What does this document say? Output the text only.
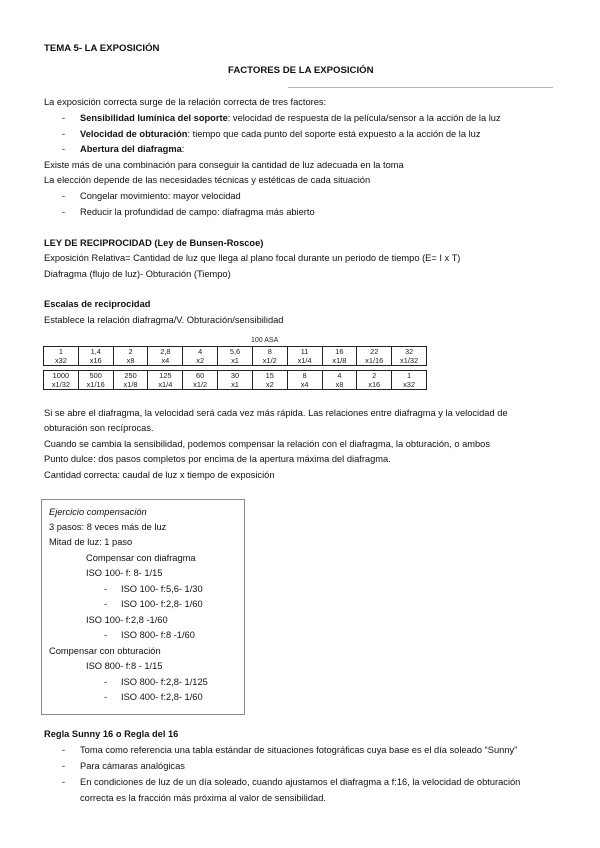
TEMA 5- LA EXPOSICIÓN
FACTORES DE LA EXPOSICIÓN
La exposición correcta surge de la relación correcta de tres factores:
- Sensibilidad lumínica del soporte: velocidad de respuesta de la película/sensor a la acción de la luz
- Velocidad de obturación: tiempo que cada punto del soporte está expuesto a la acción de la luz
- Abertura del diafragma:
Existe más de una combinación para conseguir la cantidad de luz adecuada en la toma
La elección depende de las necesidades técnicas y estéticas de cada situación
- Congelar movimiento: mayor velocidad
- Reducir la profundidad de campo: diafragma más abierto
LEY DE RECIPROCIDAD (Ley de Bunsen-Roscoe)
Exposición Relativa= Cantidad de luz que llega al plano focal durante un periodo de tiempo (E= I x T)
Diafragma (flujo de luz)- Obturación (Tiempo)
Escalas de reciprocidad
Establece la relación diafragma/V. Obturación/sensibilidad
100 ASA
1	1,4	2	2,8	4	5,6	8	11	16	22	32
x32	x16	x8	x4	x2	x1	x1/2	x1/4	x1/8	x1/16	x1/32

1000	500	250	125	60	30	15	8	4	2	1
x1/32	x1/16	x1/8	x1/4	x1/2	x1	x2	x4	x8	x16	x32
Si se abre el diafragma, la velocidad será cada vez más rápida. Las relaciones entre diafragma y la velocidad de
obturación son recíprocas.
Cuando se cambia la sensibilidad, podemos compensar la relación con el diafragma, la obturación, o ambos
Punto dulce: dos pasos completos por encima de la apertura máxima del diafragma.
Cantidad correcta: caudal de luz x tiempo de exposición
Ejercicio compensación
3 pasos: 8 veces más de luz
Mitad de luz: 1 paso
Compensar con diafragma
ISO 100- f: 8- 1/15
- ISO 100- f:5,6- 1/30
- ISO 100- f:2,8- 1/60
ISO 100- f:2,8 -1/60
- ISO 800- f:8 -1/60
Compensar con obturación
ISO 800- f:8 - 1/15
- ISO 800- f:2,8- 1/125
- ISO 400- f:2,8- 1/60
Regla Sunny 16 o Regla del 16
- Toma como referencia una tabla estándar de situaciones fotográficas cuya base es el día soleado “Sunny”
- Para cámaras analógicas
- En condiciones de luz de un día soleado, cuando ajustamos el diafragma a f:16, la velocidad de obturación
correcta es la fracción más próxima al valor de sensibilidad.
